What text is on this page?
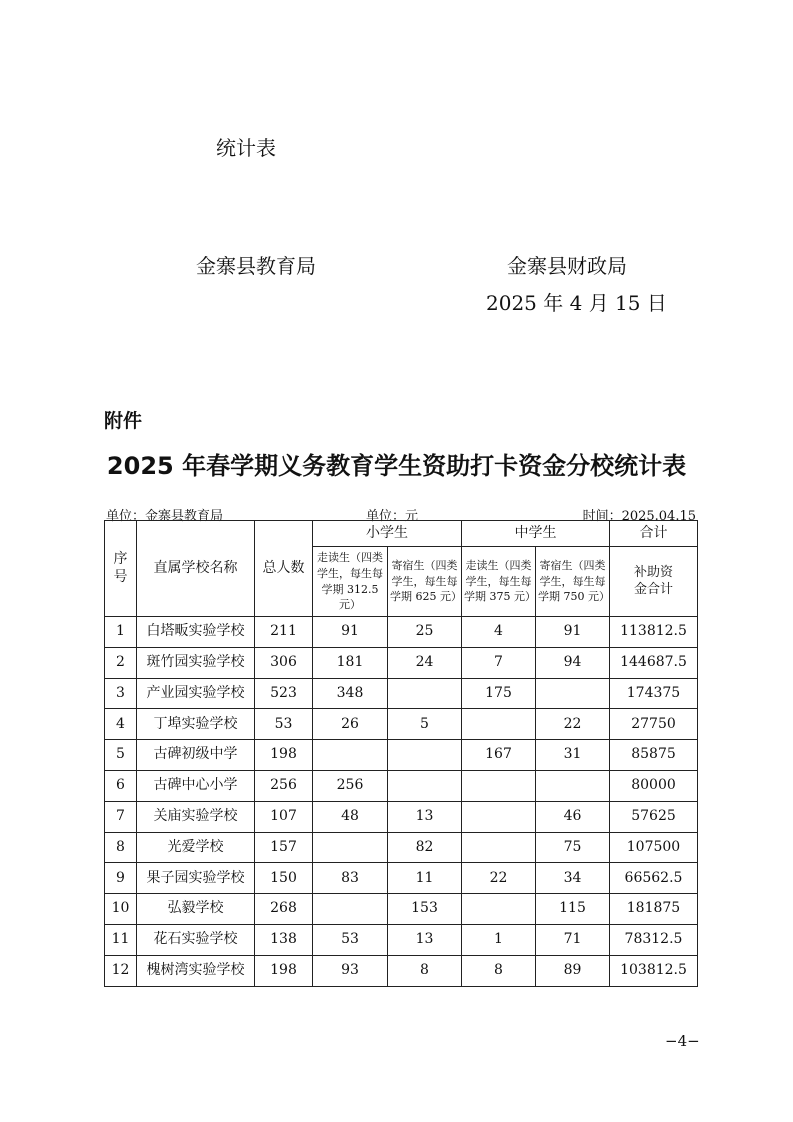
统计表
金寨县教育局	金寨县财政局
2025 年 4 月 15 日
附件
2025 年春学期义务教育学生资助打卡资金分校统计表
单位：金寨县教育局	单位：元	时间：2025.04.15
序号	直属学校名称	总人数	小学生		中学生		合计
			走读生（四类学生，每生每学期 312.5 元）	寄宿生（四类学生，每生每学期 625 元）	走读生（四类学生，每生每学期 375 元）	寄宿生（四类学生，每生每学期 750 元）	补助资金合计
1	白塔畈实验学校	211	91	25	4	91	113812.5
2	斑竹园实验学校	306	181	24	7	94	144687.5
3	产业园实验学校	523	348		175		174375
4	丁埠实验学校	53	26	5		22	27750
5	古碑初级中学	198			167	31	85875
6	古碑中心小学	256	256				80000
7	关庙实验学校	107	48	13		46	57625
8	光爱学校	157		82		75	107500
9	果子园实验学校	150	83	11	22	34	66562.5
10	弘毅学校	268		153		115	181875
11	花石实验学校	138	53	13	1	71	78312.5
12	槐树湾实验学校	198	93	8	8	89	103812.5
−4−
